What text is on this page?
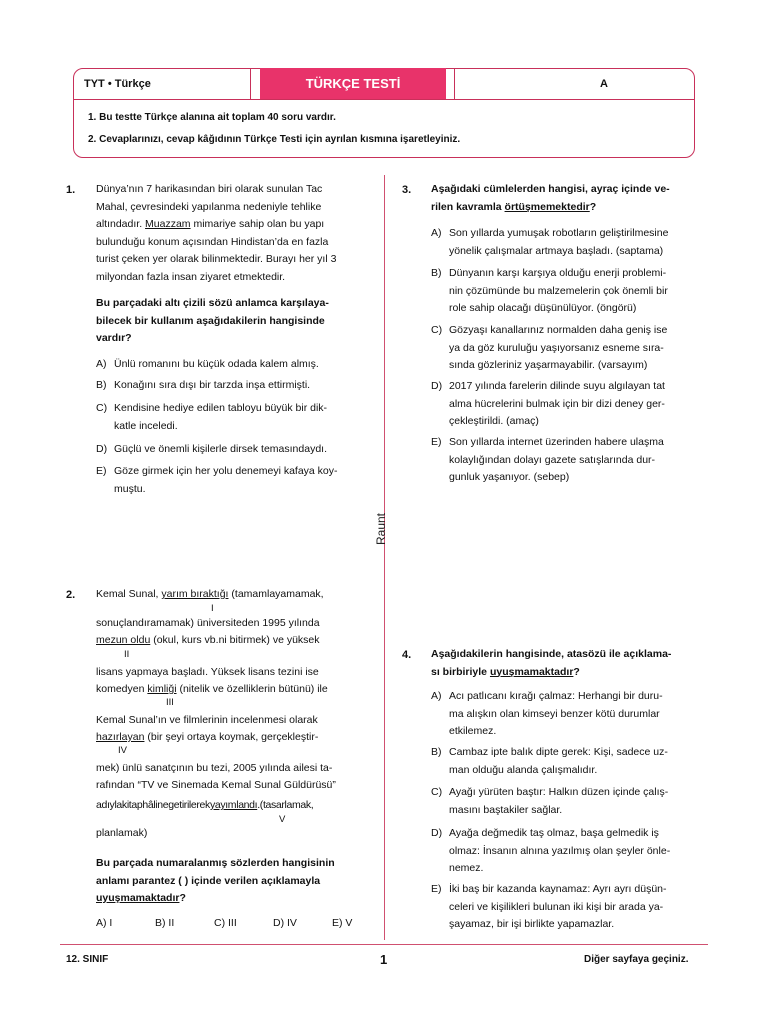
TYT • Türkçe	TÜRKÇE TESTİ	A
1. Bu testte Türkçe alanına ait toplam 40 soru vardır.
2. Cevaplarınızı, cevap kâğıdının Türkçe Testi için ayrılan kısmına işaretleyiniz.
Raunt
1. Dünya’nın 7 harikasından biri olarak sunulan Tac
Mahal, çevresindeki yapılanma nedeniyle tehlike
altındadır. Muazzam mimariye sahip olan bu yapı
bulunduğu konum açısından Hindistan’da en fazla
turist çeken yer olarak bilinmektedir. Burayı her yıl 3
milyondan fazla insan ziyaret etmektedir.
Bu parçadaki altı çizili sözü anlamca karşılaya-
bilecek bir kullanım aşağıdakilerin hangisinde
vardır?
A) Ünlü romanını bu küçük odada kalem almış.
B) Konağını sıra dışı bir tarzda inşa ettirmişti.
C) Kendisine hediye edilen tabloyu büyük bir dik-
katle inceledi.
D) Güçlü ve önemli kişilerle dirsek temasındaydı.
E) Göze girmek için her yolu denemeyi kafaya koy-
muştu.
2. Kemal Sunal, yarım bıraktığı (tamamlayamamak,
I
sonuçlandıramamak) üniversiteden 1995 yılında
mezun oldu (okul, kurs vb.ni bitirmek) ve yüksek
II
lisans yapmaya başladı. Yüksek lisans tezini ise
komedyen kimliği (nitelik ve özelliklerin bütünü) ile
III
Kemal Sunal’ın ve filmlerinin incelenmesi olarak
hazırlayan (bir şeyi ortaya koymak, gerçekleştir-
IV
mek) ünlü sanatçının bu tezi, 2005 yılında ailesi ta-
rafından “TV ve Sinemada Kemal Sunal Güldürüsü”
adıylakitaphâlinegetirilerekyayımlandı.(tasarlamak,
V
planlamak)
Bu parçada numaralanmış sözlerden hangisinin
anlamı parantez ( ) içinde verilen açıklamayla
uyuşmamaktadır?
A) I	B) II	C) III	D) IV	E) V
3. Aşağıdaki cümlelerden hangisi, ayraç içinde ve-
rilen kavramla örtüşmemektedir?
A) Son yıllarda yumuşak robotların geliştirilmesine
yönelik çalışmalar artmaya başladı. (saptama)
B) Dünyanın karşı karşıya olduğu enerji problemi-
nin çözümünde bu malzemelerin çok önemli bir
role sahip olacağı düşünülüyor. (öngörü)
C) Gözyaşı kanallarınız normalden daha geniş ise
ya da göz kuruluğu yaşıyorsanız esneme sıra-
sında gözleriniz yaşarmayabilir. (varsayım)
D) 2017 yılında farelerin dilinde suyu algılayan tat
alma hücrelerini bulmak için bir dizi deney ger-
çekleştirildi. (amaç)
E) Son yıllarda internet üzerinden habere ulaşma
kolaylığından dolayı gazete satışlarında dur-
gunluk yaşanıyor. (sebep)
4. Aşağıdakilerin hangisinde, atasözü ile açıklama-
sı birbiriyle uyuşmamaktadır?
A) Acı patlıcanı kırağı çalmaz: Herhangi bir duru-
ma alışkın olan kimseyi benzer kötü durumlar
etkilemez.
B) Cambaz ipte balık dipte gerek: Kişi, sadece uz-
man olduğu alanda çalışmalıdır.
C) Ayağı yürüten baştır: Halkın düzen içinde çalış-
masını baştakiler sağlar.
D) Ayağa değmedik taş olmaz, başa gelmedik iş
olmaz: İnsanın alnına yazılmış olan şeyler önle-
nemez.
E) İki baş bir kazanda kaynamaz: Ayrı ayrı düşün-
celeri ve kişilikleri bulunan iki kişi bir arada ya-
şayamaz, bir işi birlikte yapamazlar.
12. SINIF	1	Diğer sayfaya geçiniz.
